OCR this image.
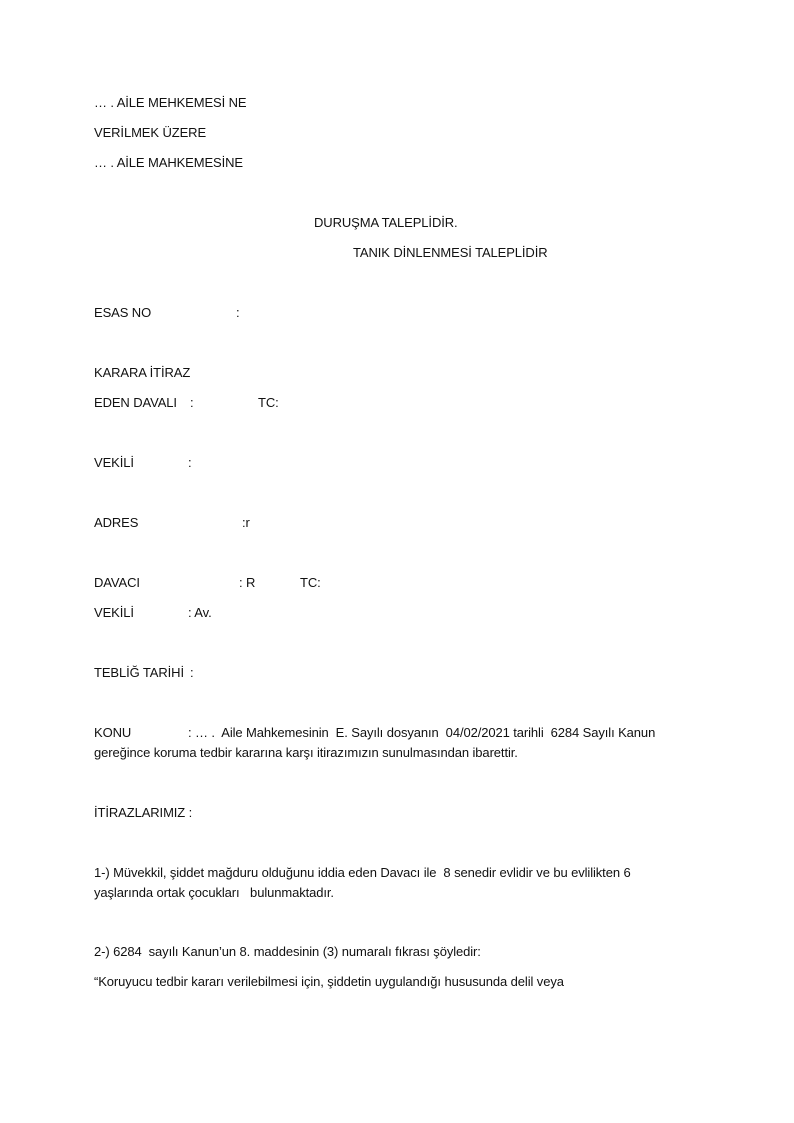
… . AİLE MEHKEMESİ NE
VERİLMEK ÜZERE
… . AİLE MAHKEMESİNE
DURUŞMA TALEPLİDİR.
TANIK DİNLENMESİ TALEPLİDİR
ESAS NO	:
KARARA İTİRAZ
EDEN DAVALI :	TC:
VEKİLİ	:
ADRES	:r
DAVACI	: R	TC:
VEKİLİ	: Av.
TEBLİĞ TARİHİ :
KONU	: … .  Aile Mahkemesinin  E. Sayılı dosyanın  04/02/2021 tarihli  6284 Sayılı Kanun
gereğince koruma tedbir kararına karşı itirazımızın sunulmasından ibarettir.
İTİRAZLARIMIZ :
1-) Müvekkil, şiddet mağduru olduğunu iddia eden Davacı ile  8 senedir evlidir ve bu evlilikten 6
yaşlarında ortak çocukları   bulunmaktadır.
2-) 6284  sayılı Kanun’un 8. maddesinin (3) numaralı fıkrası şöyledir:
“Koruyucu tedbir kararı verilebilmesi için, şiddetin uygulandığı hususunda delil veya
